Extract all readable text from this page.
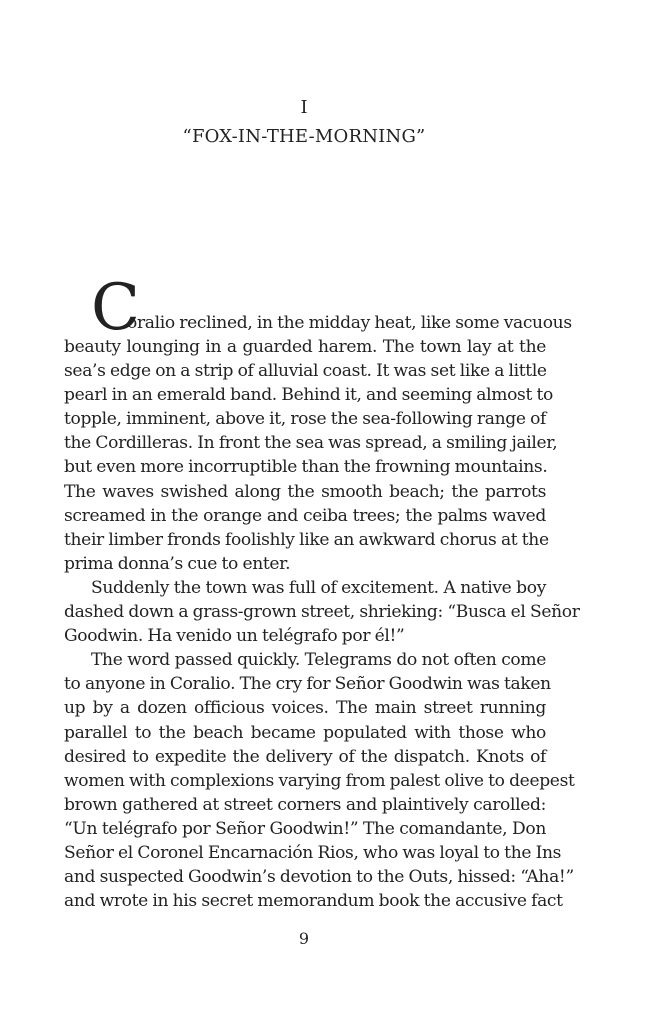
I
“FOX-IN-THE-MORNING”
C
oralio reclined, in the midday heat, like some vacuous
beauty lounging in a guarded harem. The town lay at the
sea’s edge on a strip of alluvial coast. It was set like a little
pearl in an emerald band. Behind it, and seeming almost to
topple, imminent, above it, rose the sea-following range of
the Cordilleras. In front the sea was spread, a smiling jailer,
but even more incorruptible than the frowning mountains.
The waves swished along the smooth beach; the parrots
screamed in the orange and ceiba trees; the palms waved
their limber fronds foolishly like an awkward chorus at the
prima donna’s cue to enter.
Suddenly the town was full of excitement. A native boy
dashed down a grass-grown street, shrieking: “Busca el Señor
Goodwin. Ha venido un telégrafo por él!”
The word passed quickly. Telegrams do not often come
to anyone in Coralio. The cry for Señor Goodwin was taken
up by a dozen officious voices. The main street running
parallel to the beach became populated with those who
desired to expedite the delivery of the dispatch. Knots of
women with complexions varying from palest olive to deepest
brown gathered at street corners and plaintively carolled:
“Un telégrafo por Señor Goodwin!” The comandante, Don
Señor el Coronel Encarnación Rios, who was loyal to the Ins
and suspected Goodwin’s devotion to the Outs, hissed: “Aha!”
and wrote in his secret memorandum book the accusive fact
9
